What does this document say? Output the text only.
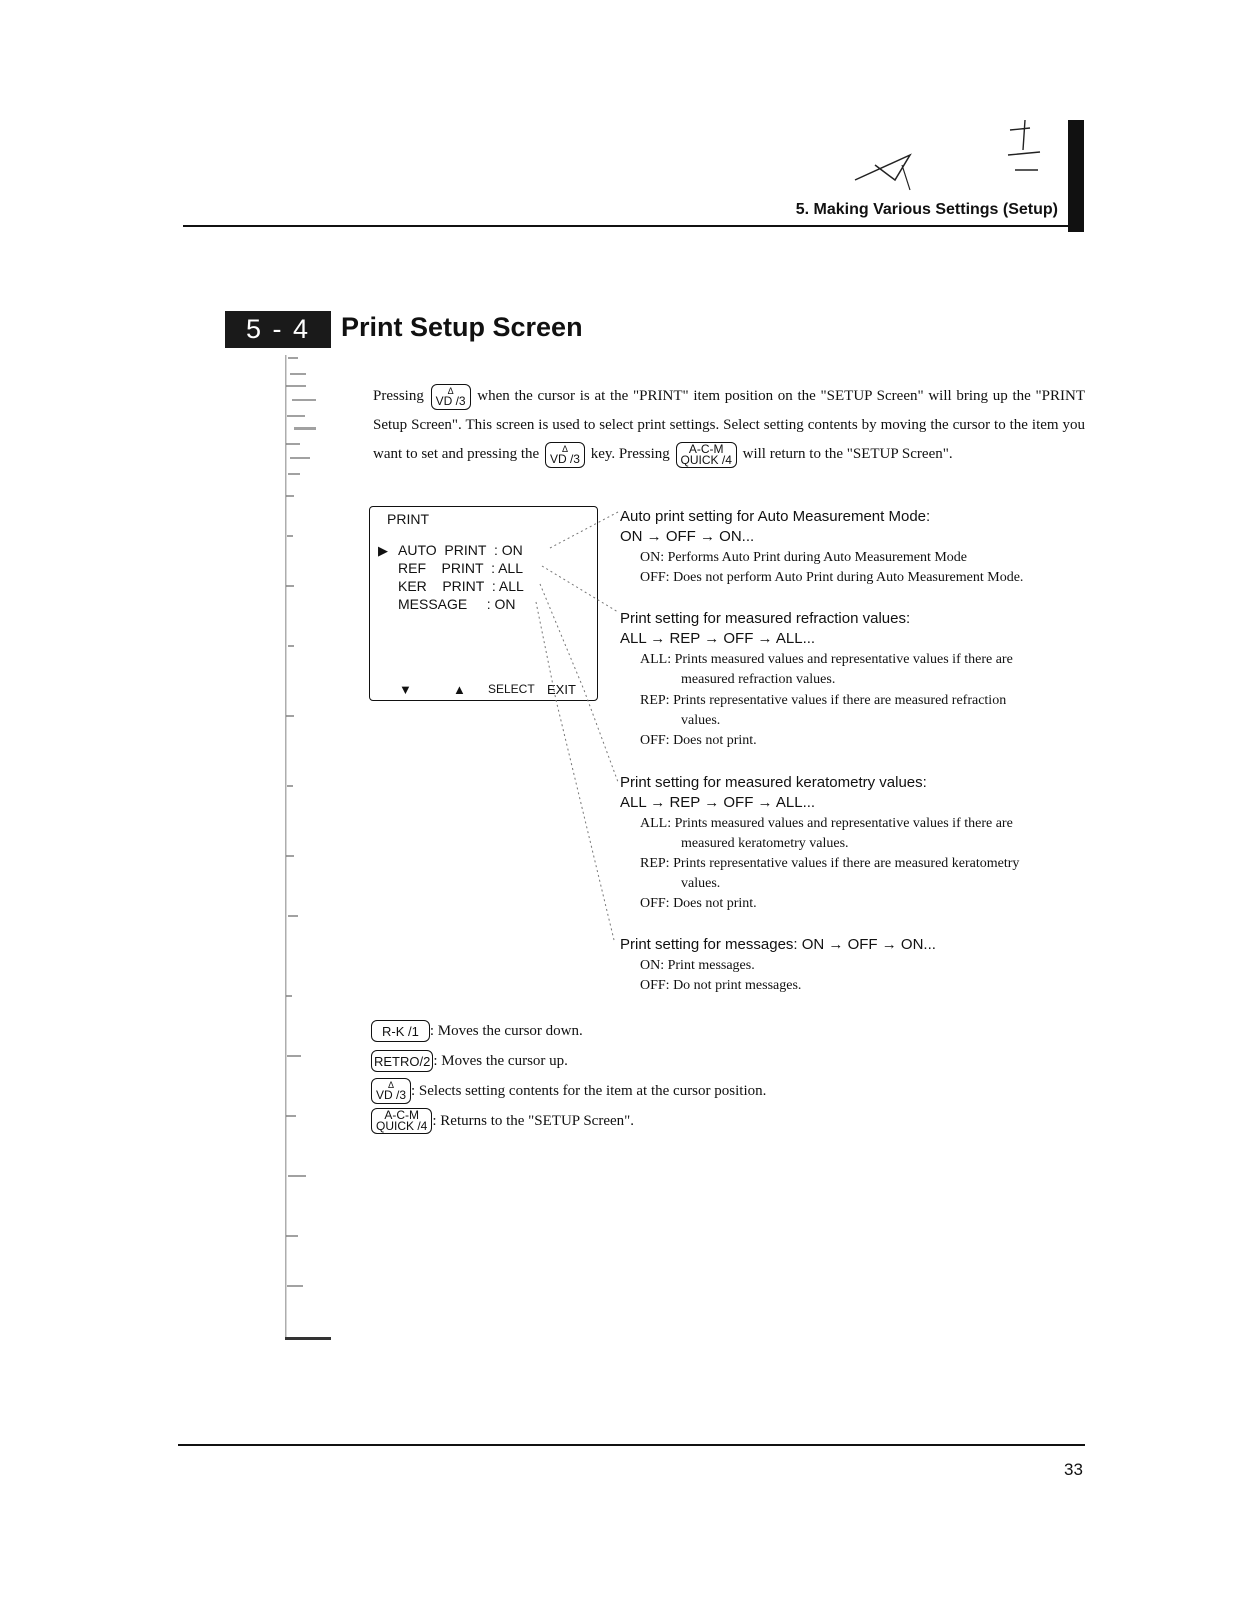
5. Making Various Settings (Setup)
5 - 4	Print Setup Screen
Pressing	Δ
VD /3 when the cursor is at the "PRINT" item position on the "SETUP Screen" will bring up the "PRINT Setup Screen". This screen is used to select print settings. Select setting contents by moving the cursor to the item you want to set and pressing the	Δ
VD /3 key. Pressing A-C-M
QUICK /4 will return to the "SETUP Screen".
PRINT
▶ AUTO  PRINT  : ON
REF    PRINT  : ALL
KER    PRINT  : ALL
MESSAGE     : ON
▼	▲ SELECT EXIT
Auto print setting for Auto Measurement Mode:
ON → OFF → ON...
ON: Performs Auto Print during Auto Measurement Mode
OFF: Does not perform Auto Print during Auto Measurement Mode.
Print setting for measured refraction values:
ALL → REP → OFF → ALL...
ALL: Prints measured values and representative values if there are
measured refraction values.
REP: Prints representative values if there are measured refraction
values.
OFF: Does not print.
Print setting for measured keratometry values:
ALL → REP → OFF → ALL...
ALL: Prints measured values and representative values if there are
measured keratometry values.
REP: Prints representative values if there are measured keratometry
values.
OFF: Does not print.
Print setting for messages: ON → OFF → ON...
ON: Print messages.
OFF: Do not print messages.
R-K /1 : Moves the cursor down.
RETRO/2 : Moves the cursor up.
Δ
VD /3 : Selects setting contents for the item at the cursor position.
A-C-M
QUICK /4 : Returns to the "SETUP Screen".
33
